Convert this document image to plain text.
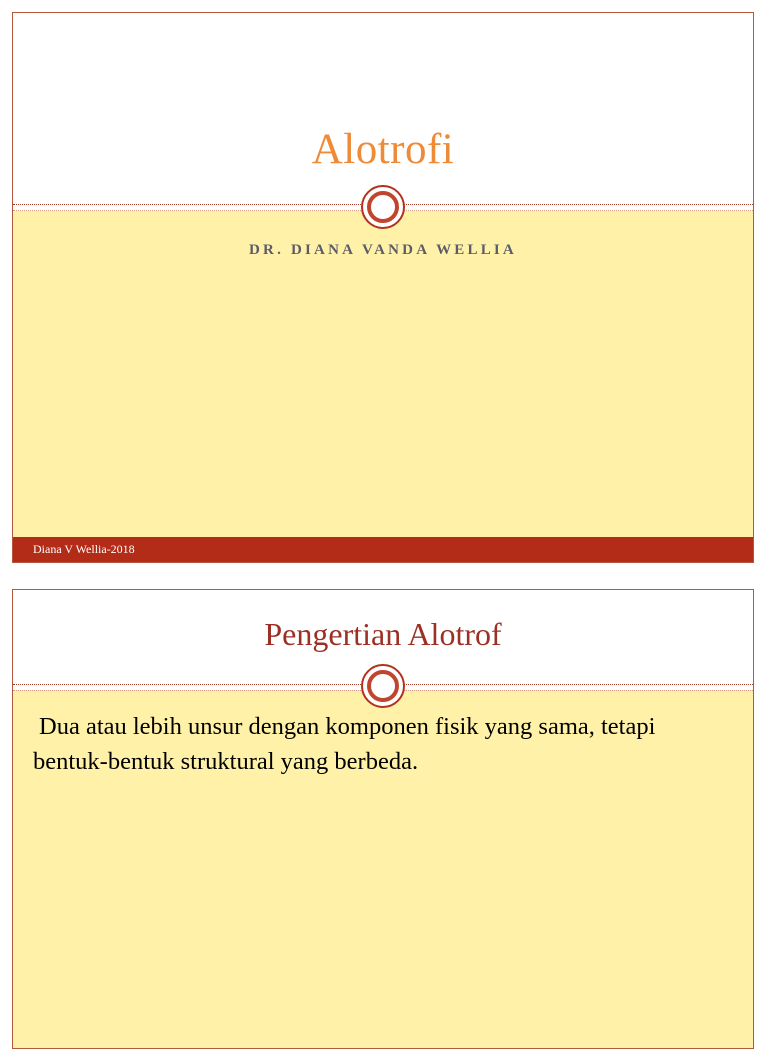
Alotrofi
DR. DIANA VANDA WELLIA
Diana V Wellia-2018
Pengertian Alotrof
Dua atau lebih unsur dengan komponen fisik yang sama, tetapi bentuk-bentuk struktural yang berbeda.
